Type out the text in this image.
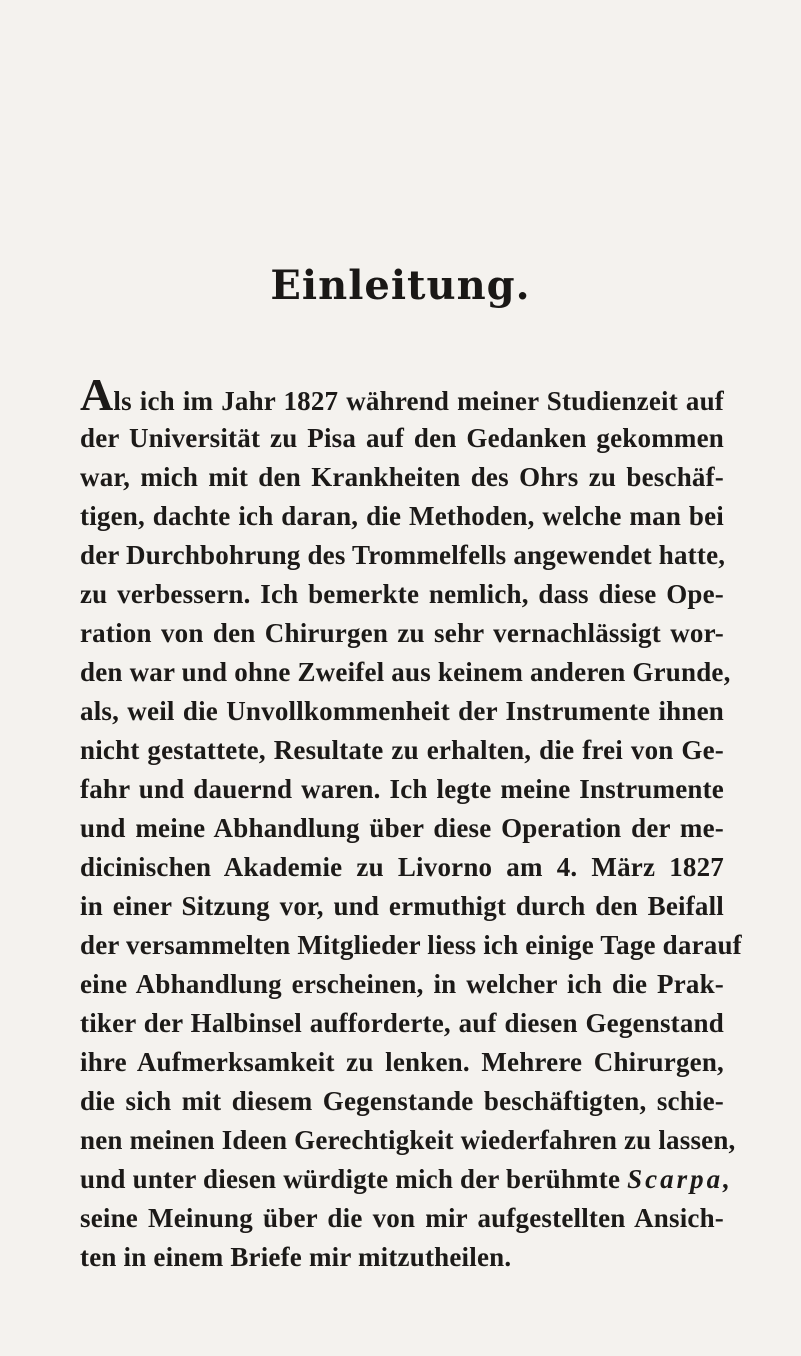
Einleitung.
Als ich im Jahr 1827 während meiner Studienzeit auf
der Universität zu Pisa auf den Gedanken gekommen
war, mich mit den Krankheiten des Ohrs zu beschäf-
tigen, dachte ich daran, die Methoden, welche man bei
der Durchbohrung des Trommelfells angewendet hatte,
zu verbessern. Ich bemerkte nemlich, dass diese Ope-
ration von den Chirurgen zu sehr vernachlässigt wor-
den war und ohne Zweifel aus keinem anderen Grunde,
als, weil die Unvollkommenheit der Instrumente ihnen
nicht gestattete, Resultate zu erhalten, die frei von Ge-
fahr und dauernd waren. Ich legte meine Instrumente
und meine Abhandlung über diese Operation der me-
dicinischen Akademie zu Livorno am 4. März 1827
in einer Sitzung vor, und ermuthigt durch den Beifall
der versammelten Mitglieder liess ich einige Tage darauf
eine Abhandlung erscheinen, in welcher ich die Prak-
tiker der Halbinsel aufforderte, auf diesen Gegenstand
ihre Aufmerksamkeit zu lenken. Mehrere Chirurgen,
die sich mit diesem Gegenstande beschäftigten, schie-
nen meinen Ideen Gerechtigkeit wiederfahren zu lassen,
und unter diesen würdigte mich der berühmte Scarpa,
seine Meinung über die von mir aufgestellten Ansich-
ten in einem Briefe mir mitzutheilen.
